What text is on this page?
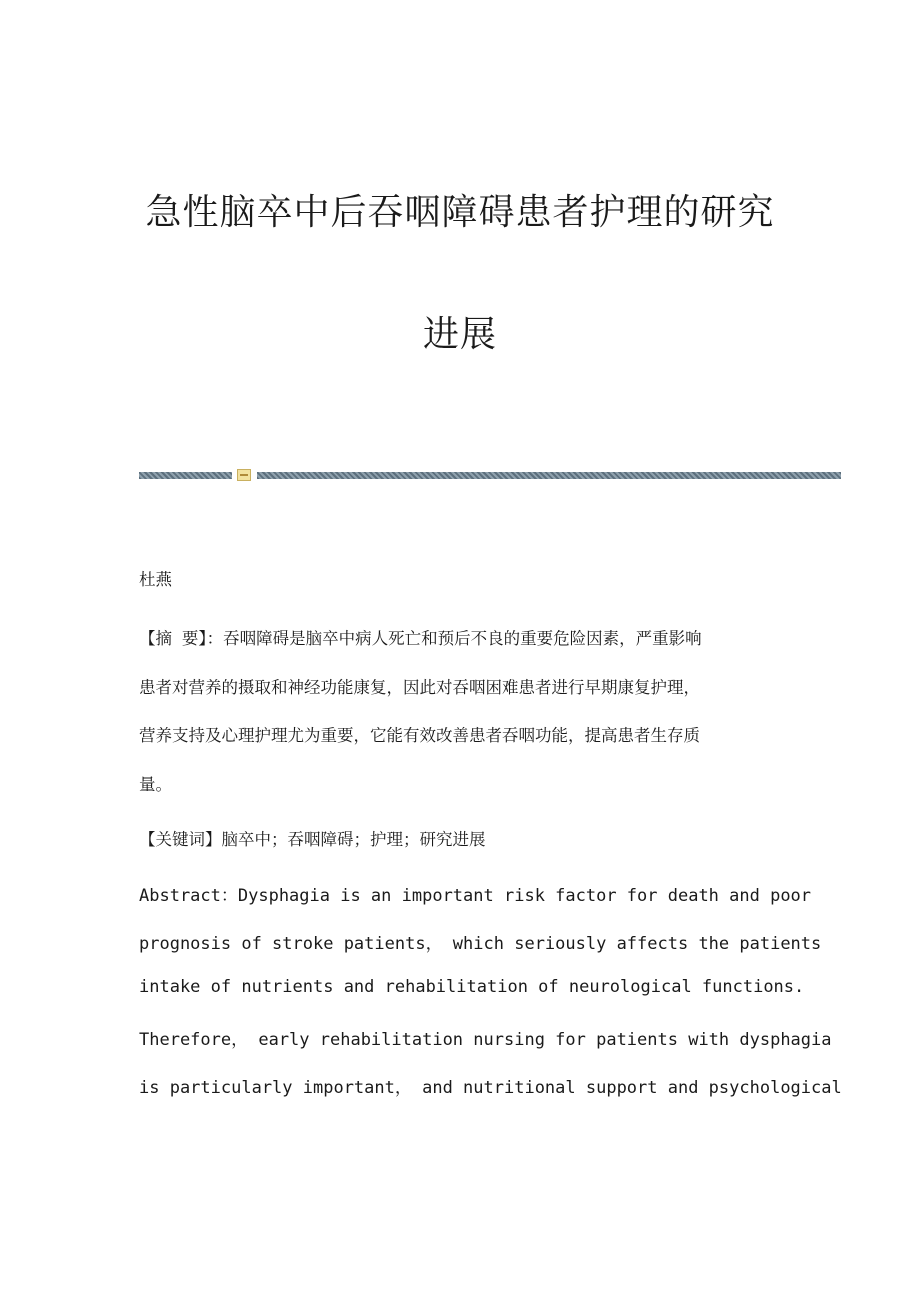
急性脑卒中后吞咽障碍患者护理的研究
进展
杜燕
【摘 要】：吞咽障碍是脑卒中病人死亡和预后不良的重要危险因素，严重影响
患者对营养的摄取和神经功能康复，因此对吞咽困难患者进行早期康复护理，
营养支持及心理护理尤为重要，它能有效改善患者吞咽功能，提高患者生存质
量。
【关键词】脑卒中；吞咽障碍；护理；研究进展
Abstract：Dysphagia is an important risk factor for death and poor
prognosis of stroke patients， which seriously affects the patients
intake of nutrients and rehabilitation of neurological functions.
Therefore， early rehabilitation nursing for patients with dysphagia
is particularly important， and nutritional support and psychological
